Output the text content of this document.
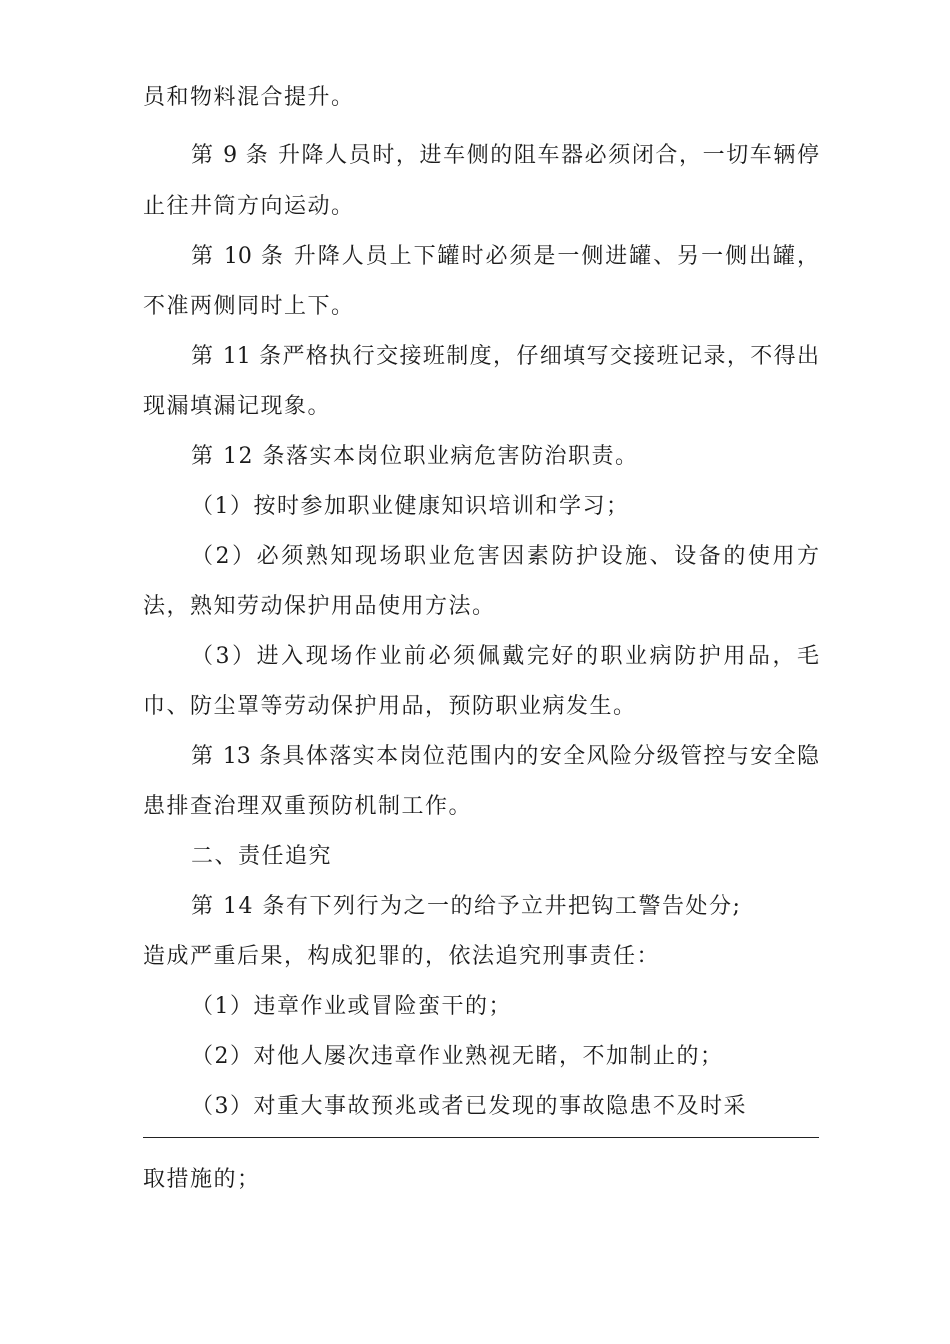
员和物料混合提升。
第 9 条 升降人员时，进车侧的阻车器必须闭合，一切车辆停
止往井筒方向运动。
第 10 条 升降人员上下罐时必须是一侧进罐、另一侧出罐，
不准两侧同时上下。
第 11 条严格执行交接班制度，仔细填写交接班记录，不得出
现漏填漏记现象。
第 12 条落实本岗位职业病危害防治职责。
（1）按时参加职业健康知识培训和学习；
（2）必须熟知现场职业危害因素防护设施、设备的使用方
法，熟知劳动保护用品使用方法。
（3）进入现场作业前必须佩戴完好的职业病防护用品，毛
巾、防尘罩等劳动保护用品，预防职业病发生。
第 13 条具体落实本岗位范围内的安全风险分级管控与安全隐
患排查治理双重预防机制工作。
二、责任追究
第 14 条有下列行为之一的给予立井把钩工警告处分;
造成严重后果，构成犯罪的，依法追究刑事责任：
（1）违章作业或冒险蛮干的；
（2）对他人屡次违章作业熟视无睹，不加制止的；
（3）对重大事故预兆或者已发现的事故隐患不及时采
取措施的；
